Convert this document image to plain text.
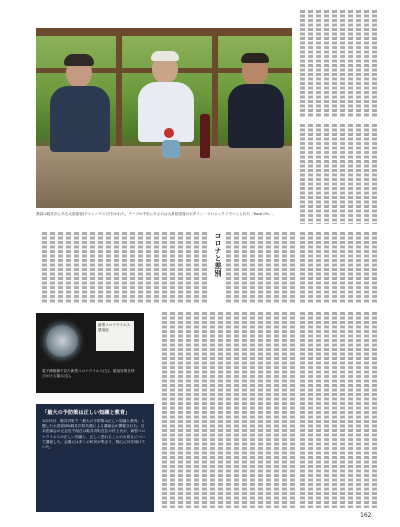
鼎談は軽井沢にある大倉総領(ゲストハウス)で行われた。テーブル中央にあるのは大倉総領発のボタイン・プロジェクトでつくられた「Rosé 0%」。
コロナと差別
新型コロナウイルス感染症
電子顕微鏡で見た新型コロナウイルス(左)。感染対策を呼びかける掲示(右)。
「最大の予防策は正しい知識と教育」
10月5日、軽井沢町で「最大の予防策は正しい知識と教育」と題した大倉総研&軽井沢町共催による講演会が開催された。日本医師会の元会長で現在は軽井沢町在住の村上氏が、新型コロナウイルスの正しい知識と、正しく恐れることの大切さについて講演した。会場には多くの町民が集まり、熱心に耳を傾けていた。
162
